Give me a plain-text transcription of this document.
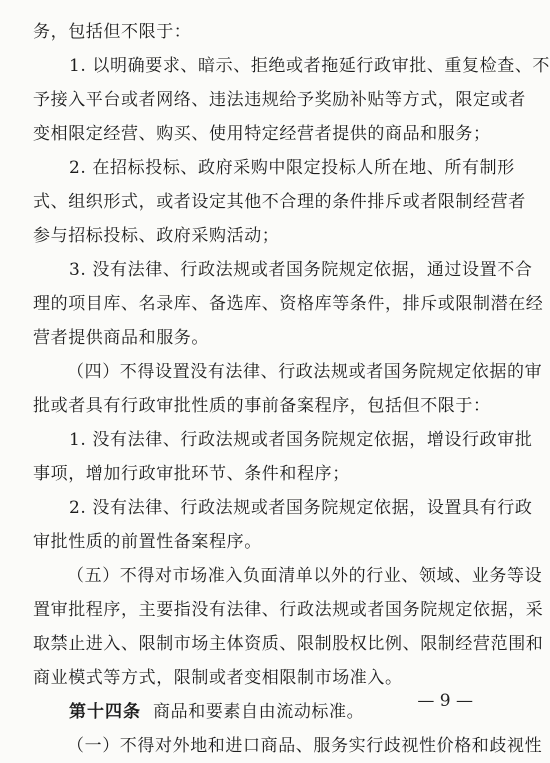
务，包括但不限于：
1. 以明确要求、暗示、拒绝或者拖延行政审批、重复检查、不
予接入平台或者网络、违法违规给予奖励补贴等方式，限定或者
变相限定经营、购买、使用特定经营者提供的商品和服务；
2. 在招标投标、政府采购中限定投标人所在地、所有制形
式、组织形式，或者设定其他不合理的条件排斥或者限制经营者
参与招标投标、政府采购活动；
3. 没有法律、行政法规或者国务院规定依据，通过设置不合
理的项目库、名录库、备选库、资格库等条件，排斥或限制潜在经
营者提供商品和服务。
（四）不得设置没有法律、行政法规或者国务院规定依据的审
批或者具有行政审批性质的事前备案程序，包括但不限于：
1. 没有法律、行政法规或者国务院规定依据，增设行政审批
事项，增加行政审批环节、条件和程序；
2. 没有法律、行政法规或者国务院规定依据，设置具有行政
审批性质的前置性备案程序。
（五）不得对市场准入负面清单以外的行业、领域、业务等设
置审批程序，主要指没有法律、行政法规或者国务院规定依据，采
取禁止进入、限制市场主体资质、限制股权比例、限制经营范围和
商业模式等方式，限制或者变相限制市场准入。
第十四条 商品和要素自由流动标准。
（一）不得对外地和进口商品、服务实行歧视性价格和歧视性
— 9 —
